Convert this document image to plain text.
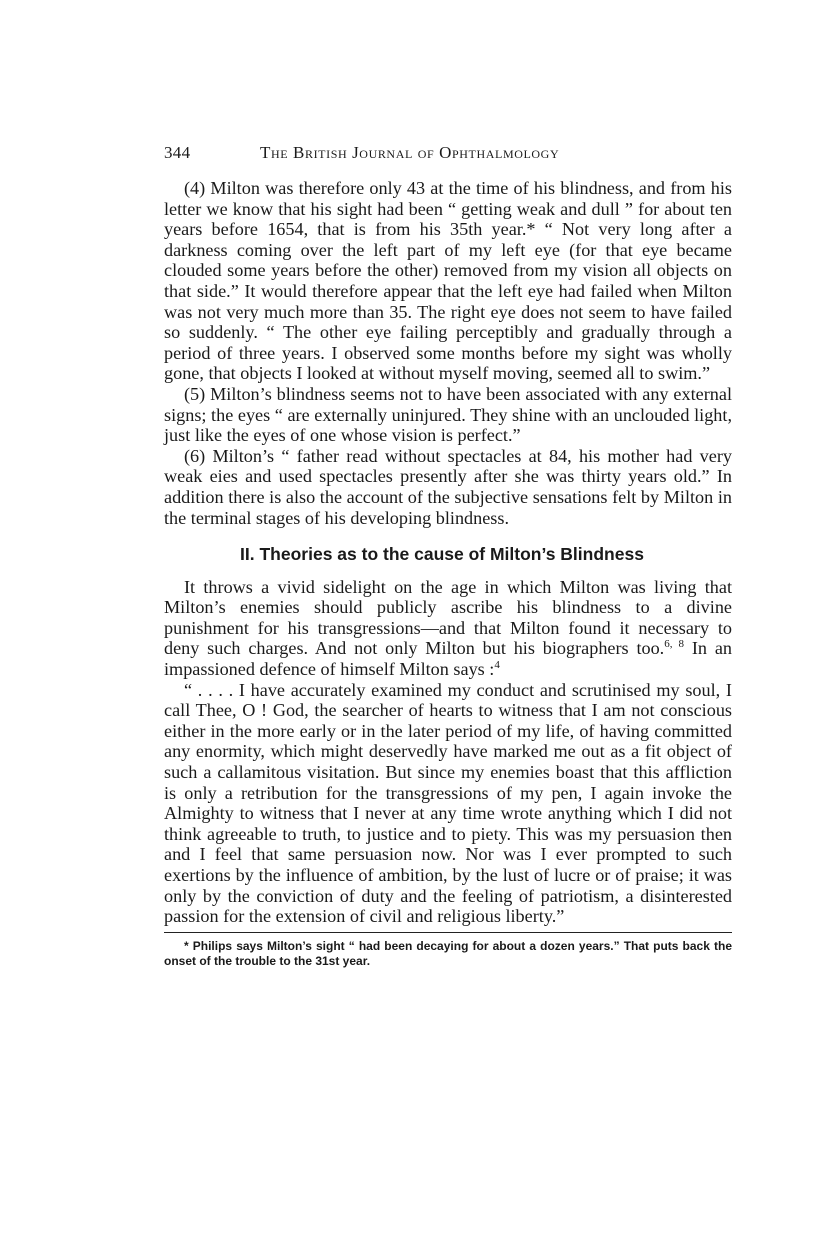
344	The British Journal of Ophthalmology

(4) Milton was therefore only 43 at the time of his blindness, and from his letter we know that his sight had been “ getting weak and dull ” for about ten years before 1654, that is from his 35th year.* “ Not very long after a darkness coming over the left part of my left eye (for that eye became clouded some years before the other) removed from my vision all objects on that side.” It would therefore appear that the left eye had failed when Milton was not very much more than 35. The right eye does not seem to have failed so suddenly. “ The other eye failing perceptibly and gradually through a period of three years. I observed some months before my sight was wholly gone, that objects I looked at without myself moving, seemed all to swim.”

(5) Milton’s blindness seems not to have been associated with any external signs; the eyes “ are externally uninjured. They shine with an unclouded light, just like the eyes of one whose vision is perfect.”

(6) Milton’s “ father read without spectacles at 84, his mother had very weak eies and used spectacles presently after she was thirty years old.” In addition there is also the account of the subjective sensations felt by Milton in the terminal stages of his developing blindness.

II. Theories as to the cause of Milton’s Blindness

It throws a vivid sidelight on the age in which Milton was living that Milton’s enemies should publicly ascribe his blindness to a divine punishment for his transgressions—and that Milton found it necessary to deny such charges. And not only Milton but his biographers too.$^{6, 8}$ In an impassioned defence of himself Milton says :$^4$

“ . . . . I have accurately examined my conduct and scrutinised my soul, I call Thee, O ! God, the searcher of hearts to witness that I am not conscious either in the more early or in the later period of my life, of having committed any enormity, which might deservedly have marked me out as a fit object of such a callamitous visitation. But since my enemies boast that this affliction is only a retribution for the transgressions of my pen, I again invoke the Almighty to witness that I never at any time wrote anything which I did not think agreeable to truth, to justice and to piety. This was my persuasion then and I feel that same persuasion now. Nor was I ever prompted to such exertions by the influence of ambition, by the lust of lucre or of praise; it was only by the conviction of duty and the feeling of patriotism, a disinterested passion for the extension of civil and religious liberty.”

* Philips says Milton’s sight “ had been decaying for about a dozen years.” That puts back the onset of the trouble to the 31st year.
